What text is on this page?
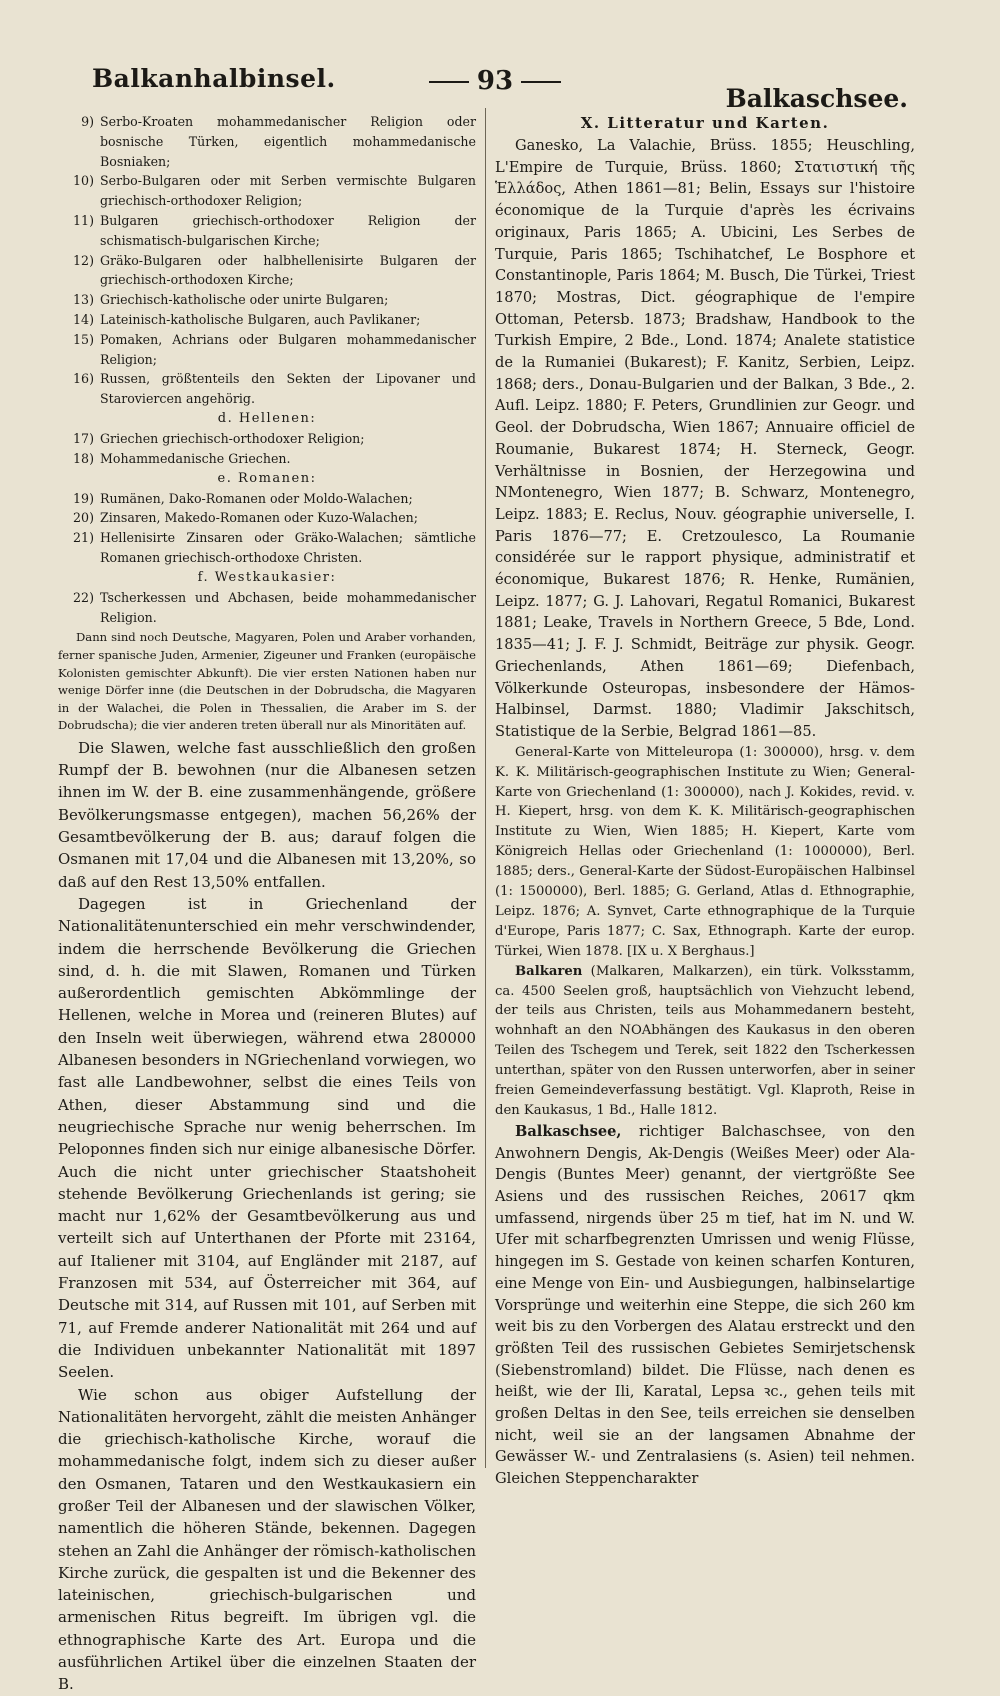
Balkanhalbinsel.	93
Balkaschsee.
9) Serbo-Kroaten mohammedanischer Religion oder bosnische Türken, eigentlich mohammedanische Bosniaken;
10) Serbo-Bulgaren oder mit Serben vermischte Bulgaren griechisch-orthodoxer Religion;
11) Bulgaren griechisch-orthodoxer Religion der schismatisch-bulgarischen Kirche;
12) Gräko-Bulgaren oder halbhellenisirte Bulgaren der griechisch-orthodoxen Kirche;
13) Griechisch-katholische oder unirte Bulgaren;
14) Lateinisch-katholische Bulgaren, auch Pavlikaner;
15) Pomaken, Achrians oder Bulgaren mohammedanischer Religion;
16) Russen, größtenteils den Sekten der Lipovaner und Staroviercen angehörig.
d. Hellenen:
17) Griechen griechisch-orthodoxer Religion;
18) Mohammedanische Griechen.
e. Romanen:
19) Rumänen, Dako-Romanen oder Moldo-Walachen;
20) Zinsaren, Makedo-Romanen oder Kuzo-Walachen;
21) Hellenisirte Zinsaren oder Gräko-Walachen; sämtliche Romanen griechisch-orthodoxe Christen.
f. Westkaukasier:
22) Tscherkessen und Abchasen, beide mohammedanischer Religion.

Dann sind noch Deutsche, Magyaren, Polen und Araber vorhanden, ferner spanische Juden, Armenier, Zigeuner und Franken (europäische Kolonisten gemischter Abkunft). Die vier ersten Nationen haben nur wenige Dörfer inne (die Deutschen in der Dobrudscha, die Magyaren in der Walachei, die Polen in Thessalien, die Araber im S. der Dobrudscha); die vier anderen treten überall nur als Minoritäten auf.

Die Slawen, welche fast ausschließlich den großen Rumpf der B. bewohnen (nur die Albanesen setzen ihnen im W. der B. eine zusammenhängende, größere Bevölkerungsmasse entgegen), machen 56,26% der Gesamtbevölkerung der B. aus; darauf folgen die Osmanen mit 17,04 und die Albanesen mit 13,20%, so daß auf den Rest 13,50% entfallen.

Dagegen ist in Griechenland der Nationalitätenunterschied ein mehr verschwindender, indem die herrschende Bevölkerung die Griechen sind, d. h. die mit Slawen, Romanen und Türken außerordentlich gemischten Abkömmlinge der Hellenen, welche in Morea und (reineren Blutes) auf den Inseln weit überwiegen, während etwa 280000 Albanesen besonders in NGriechenland vorwiegen, wo fast alle Landbewohner, selbst die eines Teils von Athen, dieser Abstammung sind und die neugriechische Sprache nur wenig beherrschen. Im Peloponnes finden sich nur einige albanesische Dörfer. Auch die nicht unter griechischer Staatshoheit stehende Bevölkerung Griechenlands ist gering; sie macht nur 1,62% der Gesamtbevölkerung aus und verteilt sich auf Unterthanen der Pforte mit 23164, auf Italiener mit 3104, auf Engländer mit 2187, auf Franzosen mit 534, auf Österreicher mit 364, auf Deutsche mit 314, auf Russen mit 101, auf Serben mit 71, auf Fremde anderer Nationalität mit 264 und auf die Individuen unbekannter Nationalität mit 1897 Seelen.

Wie schon aus obiger Aufstellung der Nationalitäten hervorgeht, zählt die meisten Anhänger die griechisch-katholische Kirche, worauf die mohammedanische folgt, indem sich zu dieser außer den Osmanen, Tataren und den Westkaukasiern ein großer Teil der Albanesen und der slawischen Völker, namentlich die höheren Stände, bekennen. Dagegen stehen an Zahl die Anhänger der römisch-katholischen Kirche zurück, die gespalten ist und die Bekenner des lateinischen, griechisch-bulgarischen und armenischen Ritus begreift. Im übrigen vgl. die ethnographische Karte des Art. Europa und die ausführlichen Artikel über die einzelnen Staaten der B.

X. Litteratur und Karten.

Ganesko, La Valachie, Brüss. 1855; Heuschling, L'Empire de Turquie, Brüss. 1860; Στατιστική τῆς Ἑλλάδος, Athen 1861—81; Belin, Essays sur l'histoire économique de la Turquie d'après les écrivains originaux, Paris 1865; A. Ubicini, Les Serbes de Turquie, Paris 1865; Tschihatchef, Le Bosphore et Constantinople, Paris 1864; M. Busch, Die Türkei, Triest 1870; Mostras, Dict. géographique de l'empire Ottoman, Petersb. 1873; Bradshaw, Handbook to the Turkish Empire, 2 Bde., Lond. 1874; Analete statistice de la Rumaniei (Bukarest); F. Kanitz, Serbien, Leipz. 1868; ders., Donau-Bulgarien und der Balkan, 3 Bde., 2. Aufl. Leipz. 1880; F. Peters, Grundlinien zur Geogr. und Geol. der Dobrudscha, Wien 1867; Annuaire officiel de Roumanie, Bukarest 1874; H. Sterneck, Geogr. Verhältnisse in Bosnien, der Herzegowina und NMontenegro, Wien 1877; B. Schwarz, Montenegro, Leipz. 1883; E. Reclus, Nouv. géographie universelle, I. Paris 1876—77; E. Cretzoulesco, La Roumanie considérée sur le rapport physique, administratif et économique, Bukarest 1876; R. Henke, Rumänien, Leipz. 1877; G. J. Lahovari, Regatul Romanici, Bukarest 1881; Leake, Travels in Northern Greece, 5 Bde, Lond. 1835—41; J. F. J. Schmidt, Beiträge zur physik. Geogr. Griechenlands, Athen 1861—69; Diefenbach, Völkerkunde Osteuropas, insbesondere der Hämos-Halbinsel, Darmst. 1880; Vladimir Jakschitsch, Statistique de la Serbie, Belgrad 1861—85.

General-Karte von Mitteleuropa (1: 300000), hrsg. v. dem K. K. Militärisch-geographischen Institute zu Wien; General-Karte von Griechenland (1: 300000), nach J. Kokides, revid. v. H. Kiepert, hrsg. von dem K. K. Militärisch-geographischen Institute zu Wien, Wien 1885; H. Kiepert, Karte vom Königreich Hellas oder Griechenland (1: 1000000), Berl. 1885; ders., General-Karte der Südost-Europäischen Halbinsel (1: 1500000), Berl. 1885; G. Gerland, Atlas d. Ethnographie, Leipz. 1876; A. Synvet, Carte ethnographique de la Turquie d'Europe, Paris 1877; C. Sax, Ethnograph. Karte der europ. Türkei, Wien 1878. [IX u. X Berghaus.]

Balkaren (Malkaren, Malkarzen), ein türk. Volksstamm, ca. 4500 Seelen groß, hauptsächlich von Viehzucht lebend, der teils aus Christen, teils aus Mohammedanern besteht, wohnhaft an den NOAbhängen des Kaukasus in den oberen Teilen des Tschegem und Terek, seit 1822 den Tscherkessen unterthan, später von den Russen unterworfen, aber in seiner freien Gemeindeverfassung bestätigt. Vgl. Klaproth, Reise in den Kaukasus, 1 Bd., Halle 1812.

Balkaschsee, richtiger Balchaschsee, von den Anwohnern Dengis, Ak-Dengis (Weißes Meer) oder Ala-Dengis (Buntes Meer) genannt, der viertgrößte See Asiens und des russischen Reiches, 20617 qkm umfassend, nirgends über 25 m tief, hat im N. und W. Ufer mit scharfbegrenzten Umrissen und wenig Flüsse, hingegen im S. Gestade von keinen scharfen Konturen, eine Menge von Ein- und Ausbiegungen, halbinselartige Vorsprünge und weiterhin eine Steppe, die sich 260 km weit bis zu den Vorbergen des Alatau erstreckt und den größten Teil des russischen Gebietes Semirjetschensk (Siebenstromland) bildet. Die Flüsse, nach denen es heißt, wie der Ili, Karatal, Lepsa ꝛc., gehen teils mit großen Deltas in den See, teils erreichen sie denselben nicht, weil sie an der langsamen Abnahme der Gewässer W.- und Zentralasiens (s. Asien) teil nehmen. Gleichen Steppencharakter
